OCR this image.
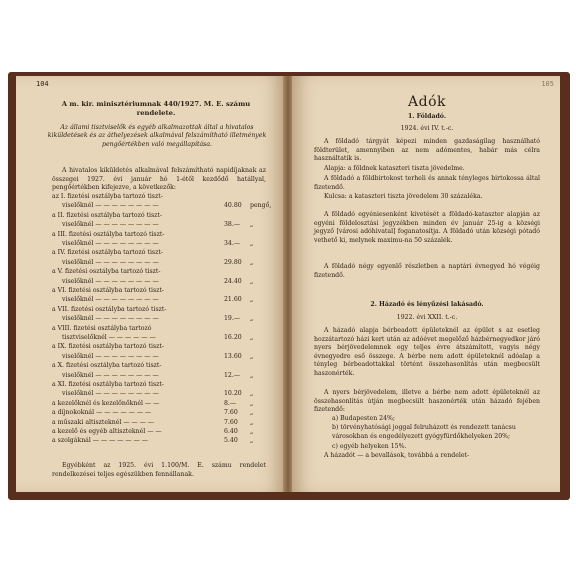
104
A m. kir. minisztériumnak 440/1927. M. E. számu rendelete.
Az állami tisztviselők és egyéb alkalmazottak által a hivatalos kiküldetések és az áthelyezések alkalmával felszámítható illetmények pengőértékben való megállapítása.
A hivatalos kiküldetés alkalmával felszámítható napidíjaknak az összegei 1927. évi január hó 1-étől kezdődő hatállyal, pengőértékben kifejezve, a következők:
az I. fizetési osztályba tartozó tiszt-
viselőknél — — — — — — — —	40.80 pengő,
a II. fizetési osztályba tartozó tiszt-
viselőknél — — — — — — — —	38.— „
a III. fizetési osztályba tartozó tiszt-
viselőknél — — — — — — — —	34.— „
a IV. fizetési osztályba tartozó tiszt-
viselőknél — — — — — — — —	29.80 „
a V. fizetési osztályba tartozó tiszt-
viselőknél — — — — — — — —	24.40 „
a VI. fizetési osztályba tartozó tiszt-
viselőknél — — — — — — — —	21.60 „
a VII. fizetési osztályba tartozó tiszt-
viselőknél — — — — — — — —	19.— „
a VIII. fizetési osztályba tartozó
tisztviselőknél — — — — — —	16.20 „
a IX. fizetési osztályba tartozó tiszt-
viselőknél — — — — — — — —	13.60 „
a X. fizetési osztályba tartozó tiszt-
viselőknél — — — — — — — —	12.— „
a XI. fizetési osztályba tartozó tiszt-
viselőknél — — — — — — — —	10.20 „
a kezelőknél és kezelőnőknél — —	8.— „
a díjnokoknál — — — — — — —	7.60 „
a műszaki altiszteknél — — — —	7.60 „
a kezelő és egyéb altiszteknél — —	6.40 „
a szolgáknál — — — — — — —	5.40 „
Egyébként az 1925. évi 1.100/M. E. számu rendelet rendelkezései teljes egészükben fennállanak.
105
Adók
1. Földadó.
1924. évi IV. t.-c.
A földadó tárgyát képezi minden gazdaságilag használható földterület, amennyiben az nem adómentes, habár más célra használtatik is.
Alapja: a földnek kataszteri tiszta jövedelme.
A földadó a földbirtokost terheli és annak tényleges birtokossa által fizetendő.
Kulcsa: a kataszteri tiszta jövedelem 30 százaléka.
A földadó egyéniesenként kivetését a földadó-kataszter alapján az egyéni földelosztási jegyzékben minden év január 25-ig a községi jegyző [városi adóhivatal] foganatosítja. A földadó után községi pótadó vethető ki, melynek maximu-na 50 százalék.
A földadó négy egyenlő részletben a naptári évnegyed hó végéig fizetendő.
2. Házadó és lényűzési lakásadó.
1922. évi XXII. t.-c.
A házadó alapja bérbeadott épületeknél az épület s az esetleg hozzátartozó házi kert után az adóévet megelőző házbérnegyedkor járó nyers bérjövedelemnek egy teljes évre átszámított, vagyis négy évnegyedre eső összege. A bérbe nem adott épületeknél adóalap a tényleg bérbeadottakkal történt összehasonlítás után megbecsült haszonérték.
A nyers bérjövedelem, illetve a bérbe nem adott épületeknél az összehasonlítás útján megbecsült haszonérték után házadó fejében fizetendő:
a) Budapesten 24%;
b) törvényhatósági joggal felruházott és rendezett tanácsu városokban és engedélyezett gyógyfürdőkhelyeken 20%;
c) egyéb helyeken 15%.
A házadót — a bevallások, továbbá a rendelet-
